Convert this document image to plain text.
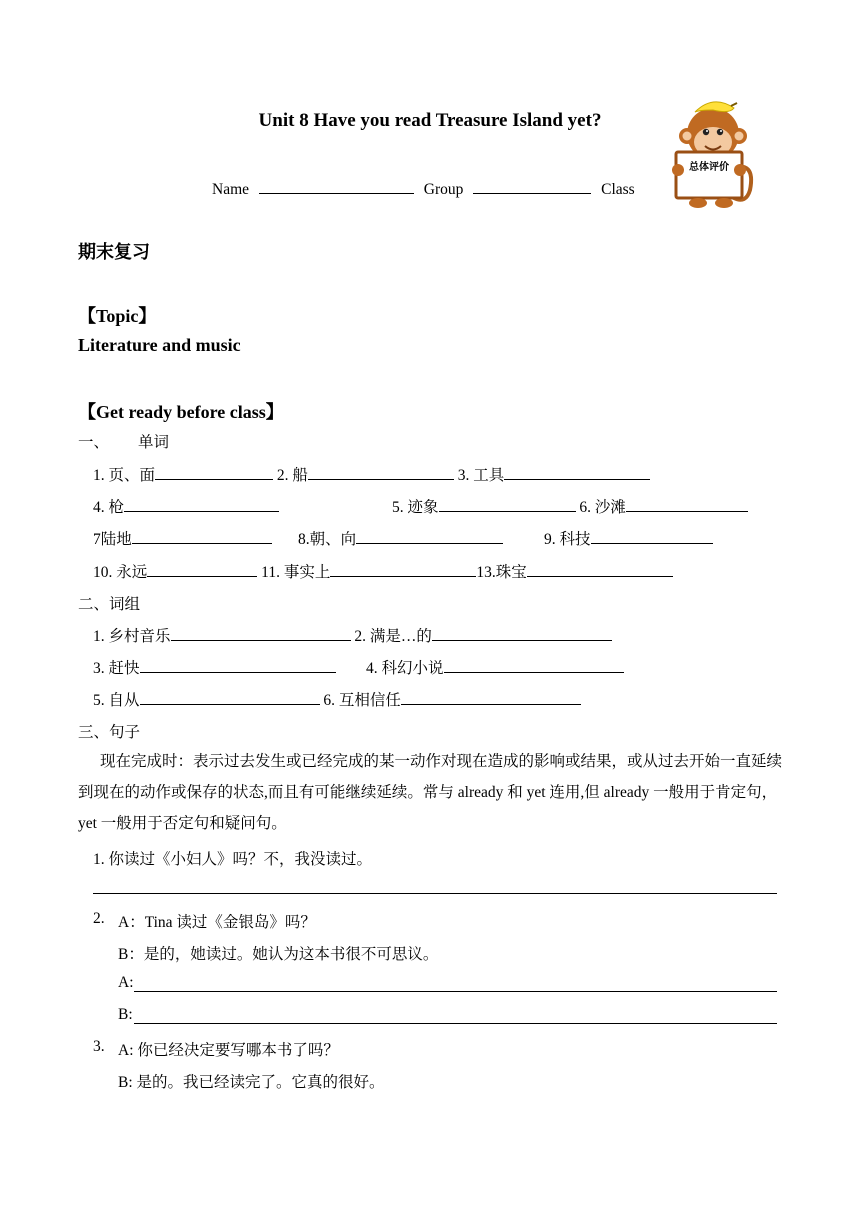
Unit 8 Have you read Treasure Island yet?
Name	Group	Class
总体评价
期末复习
【Topic】
Literature and music
【Get ready before class】
一、 单词
1. 页、面	2. 船	3. 工具
4. 枪	5. 迹象	6. 沙滩
7陆地	8.朝、向	9. 科技
10. 永远	11. 事实上	13.珠宝
二、词组
1. 乡村音乐	2. 满是…的
3. 赶快	4. 科幻小说
5. 自从	6. 互相信任
三、句子
现在完成时：表示过去发生或已经完成的某一动作对现在造成的影响或结果，或从过去开始一直延续到现在的动作或保存的状态,而且有可能继续延续。常与 already 和 yet 连用,但 already 一般用于肯定句，yet 一般用于否定句和疑问句。
1. 你读过《小妇人》吗？不，我没读过。
2. A：Tina 读过《金银岛》吗？
B：是的，她读过。她认为这本书很不可思议。
A:
B:
3. A: 你已经决定要写哪本书了吗？
B: 是的。我已经读完了。它真的很好。
